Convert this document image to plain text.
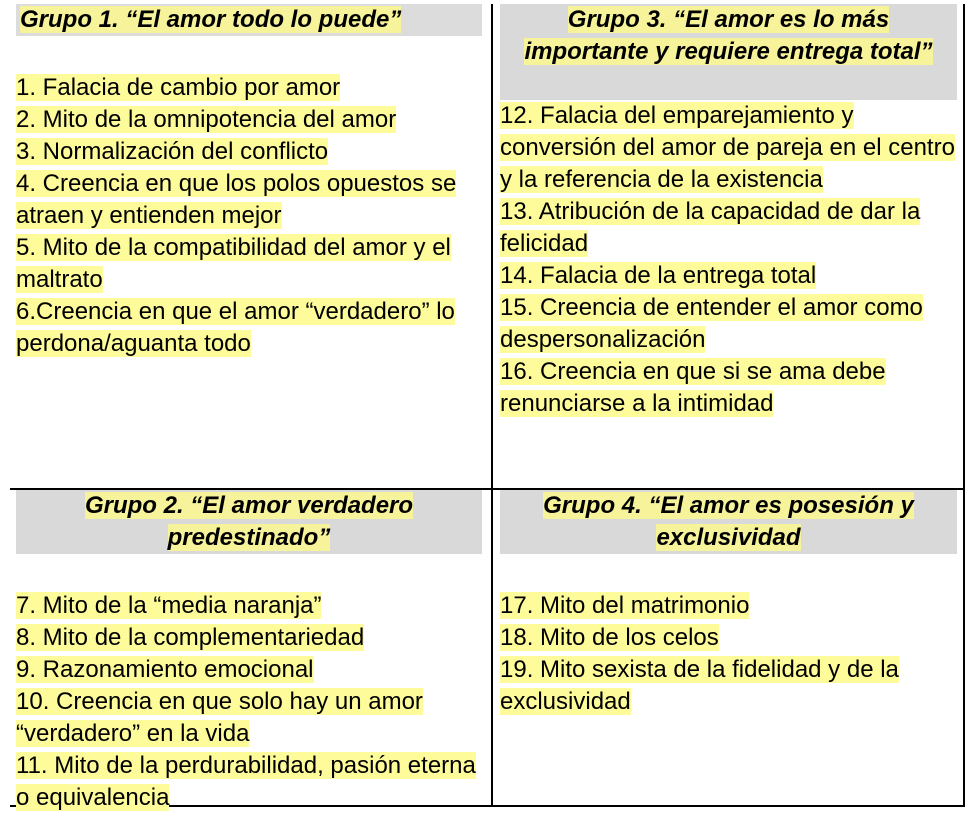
Grupo 1. “El amor todo lo puede”
1. Falacia de cambio por amor
2. Mito de la omnipotencia del amor
3. Normalización del conflicto
4. Creencia en que los polos opuestos se atraen y entienden mejor
5. Mito de la compatibilidad del amor y el maltrato
6.Creencia en que el amor “verdadero” lo perdona/aguanta todo
Grupo 3. “El amor es lo más importante y requiere entrega total”
12. Falacia del emparejamiento y conversión del amor de pareja en el centro y la referencia de la existencia
13. Atribución de la capacidad de dar la felicidad
14. Falacia de la entrega total
15. Creencia de entender el amor como despersonalización
16. Creencia en que si se ama debe renunciarse a la intimidad
Grupo 2. “El amor verdadero predestinado”
7. Mito de la “media naranja”
8. Mito de la complementariedad
9. Razonamiento emocional
10. Creencia en que solo hay un amor “verdadero” en la vida
11. Mito de la perdurabilidad, pasión eterna o equivalencia
Grupo 4. “El amor es posesión y exclusividad
17. Mito del matrimonio
18. Mito de los celos
19. Mito sexista de la fidelidad y de la exclusividad
